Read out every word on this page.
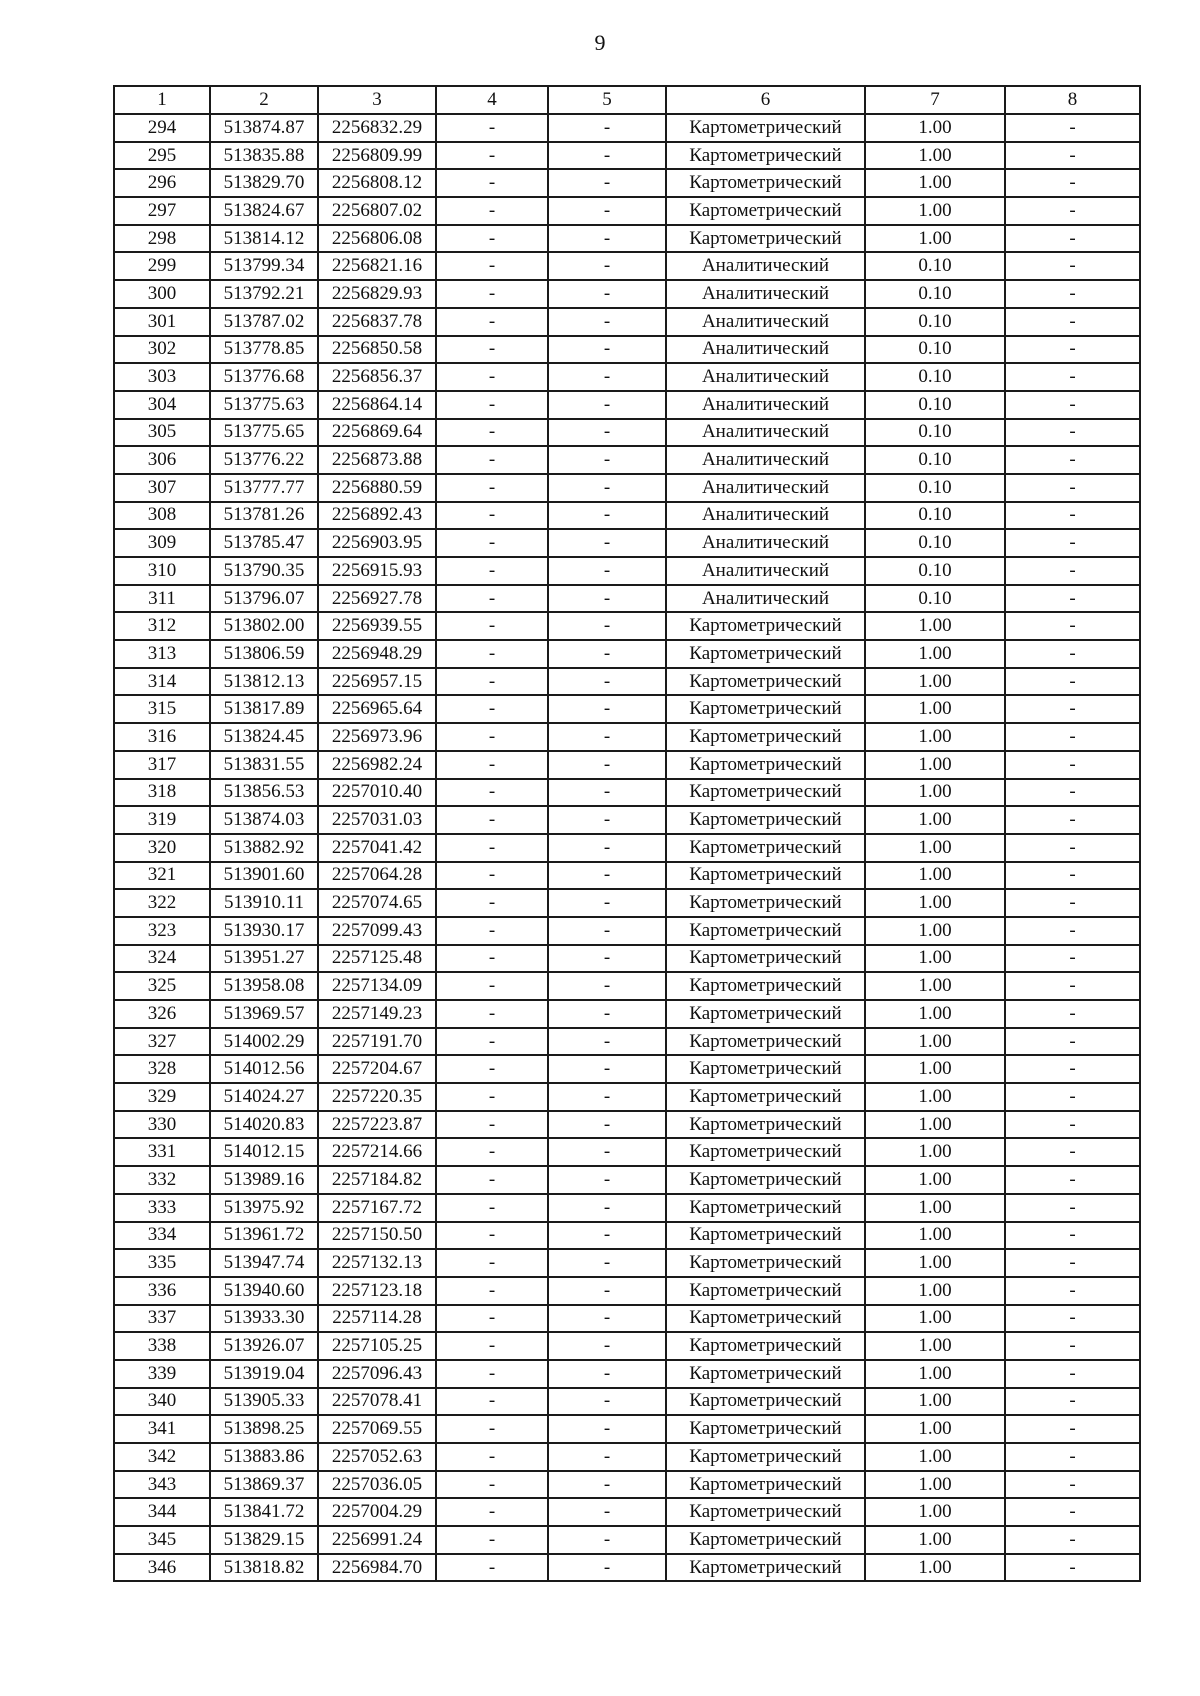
9
1	2	3	4	5	6	7	8
294	513874.87	2256832.29	-	-	Картометрический	1.00	-
295	513835.88	2256809.99	-	-	Картометрический	1.00	-
296	513829.70	2256808.12	-	-	Картометрический	1.00	-
297	513824.67	2256807.02	-	-	Картометрический	1.00	-
298	513814.12	2256806.08	-	-	Картометрический	1.00	-
299	513799.34	2256821.16	-	-	Аналитический	0.10	-
300	513792.21	2256829.93	-	-	Аналитический	0.10	-
301	513787.02	2256837.78	-	-	Аналитический	0.10	-
302	513778.85	2256850.58	-	-	Аналитический	0.10	-
303	513776.68	2256856.37	-	-	Аналитический	0.10	-
304	513775.63	2256864.14	-	-	Аналитический	0.10	-
305	513775.65	2256869.64	-	-	Аналитический	0.10	-
306	513776.22	2256873.88	-	-	Аналитический	0.10	-
307	513777.77	2256880.59	-	-	Аналитический	0.10	-
308	513781.26	2256892.43	-	-	Аналитический	0.10	-
309	513785.47	2256903.95	-	-	Аналитический	0.10	-
310	513790.35	2256915.93	-	-	Аналитический	0.10	-
311	513796.07	2256927.78	-	-	Аналитический	0.10	-
312	513802.00	2256939.55	-	-	Картометрический	1.00	-
313	513806.59	2256948.29	-	-	Картометрический	1.00	-
314	513812.13	2256957.15	-	-	Картометрический	1.00	-
315	513817.89	2256965.64	-	-	Картометрический	1.00	-
316	513824.45	2256973.96	-	-	Картометрический	1.00	-
317	513831.55	2256982.24	-	-	Картометрический	1.00	-
318	513856.53	2257010.40	-	-	Картометрический	1.00	-
319	513874.03	2257031.03	-	-	Картометрический	1.00	-
320	513882.92	2257041.42	-	-	Картометрический	1.00	-
321	513901.60	2257064.28	-	-	Картометрический	1.00	-
322	513910.11	2257074.65	-	-	Картометрический	1.00	-
323	513930.17	2257099.43	-	-	Картометрический	1.00	-
324	513951.27	2257125.48	-	-	Картометрический	1.00	-
325	513958.08	2257134.09	-	-	Картометрический	1.00	-
326	513969.57	2257149.23	-	-	Картометрический	1.00	-
327	514002.29	2257191.70	-	-	Картометрический	1.00	-
328	514012.56	2257204.67	-	-	Картометрический	1.00	-
329	514024.27	2257220.35	-	-	Картометрический	1.00	-
330	514020.83	2257223.87	-	-	Картометрический	1.00	-
331	514012.15	2257214.66	-	-	Картометрический	1.00	-
332	513989.16	2257184.82	-	-	Картометрический	1.00	-
333	513975.92	2257167.72	-	-	Картометрический	1.00	-
334	513961.72	2257150.50	-	-	Картометрический	1.00	-
335	513947.74	2257132.13	-	-	Картометрический	1.00	-
336	513940.60	2257123.18	-	-	Картометрический	1.00	-
337	513933.30	2257114.28	-	-	Картометрический	1.00	-
338	513926.07	2257105.25	-	-	Картометрический	1.00	-
339	513919.04	2257096.43	-	-	Картометрический	1.00	-
340	513905.33	2257078.41	-	-	Картометрический	1.00	-
341	513898.25	2257069.55	-	-	Картометрический	1.00	-
342	513883.86	2257052.63	-	-	Картометрический	1.00	-
343	513869.37	2257036.05	-	-	Картометрический	1.00	-
344	513841.72	2257004.29	-	-	Картометрический	1.00	-
345	513829.15	2256991.24	-	-	Картометрический	1.00	-
346	513818.82	2256984.70	-	-	Картометрический	1.00	-
